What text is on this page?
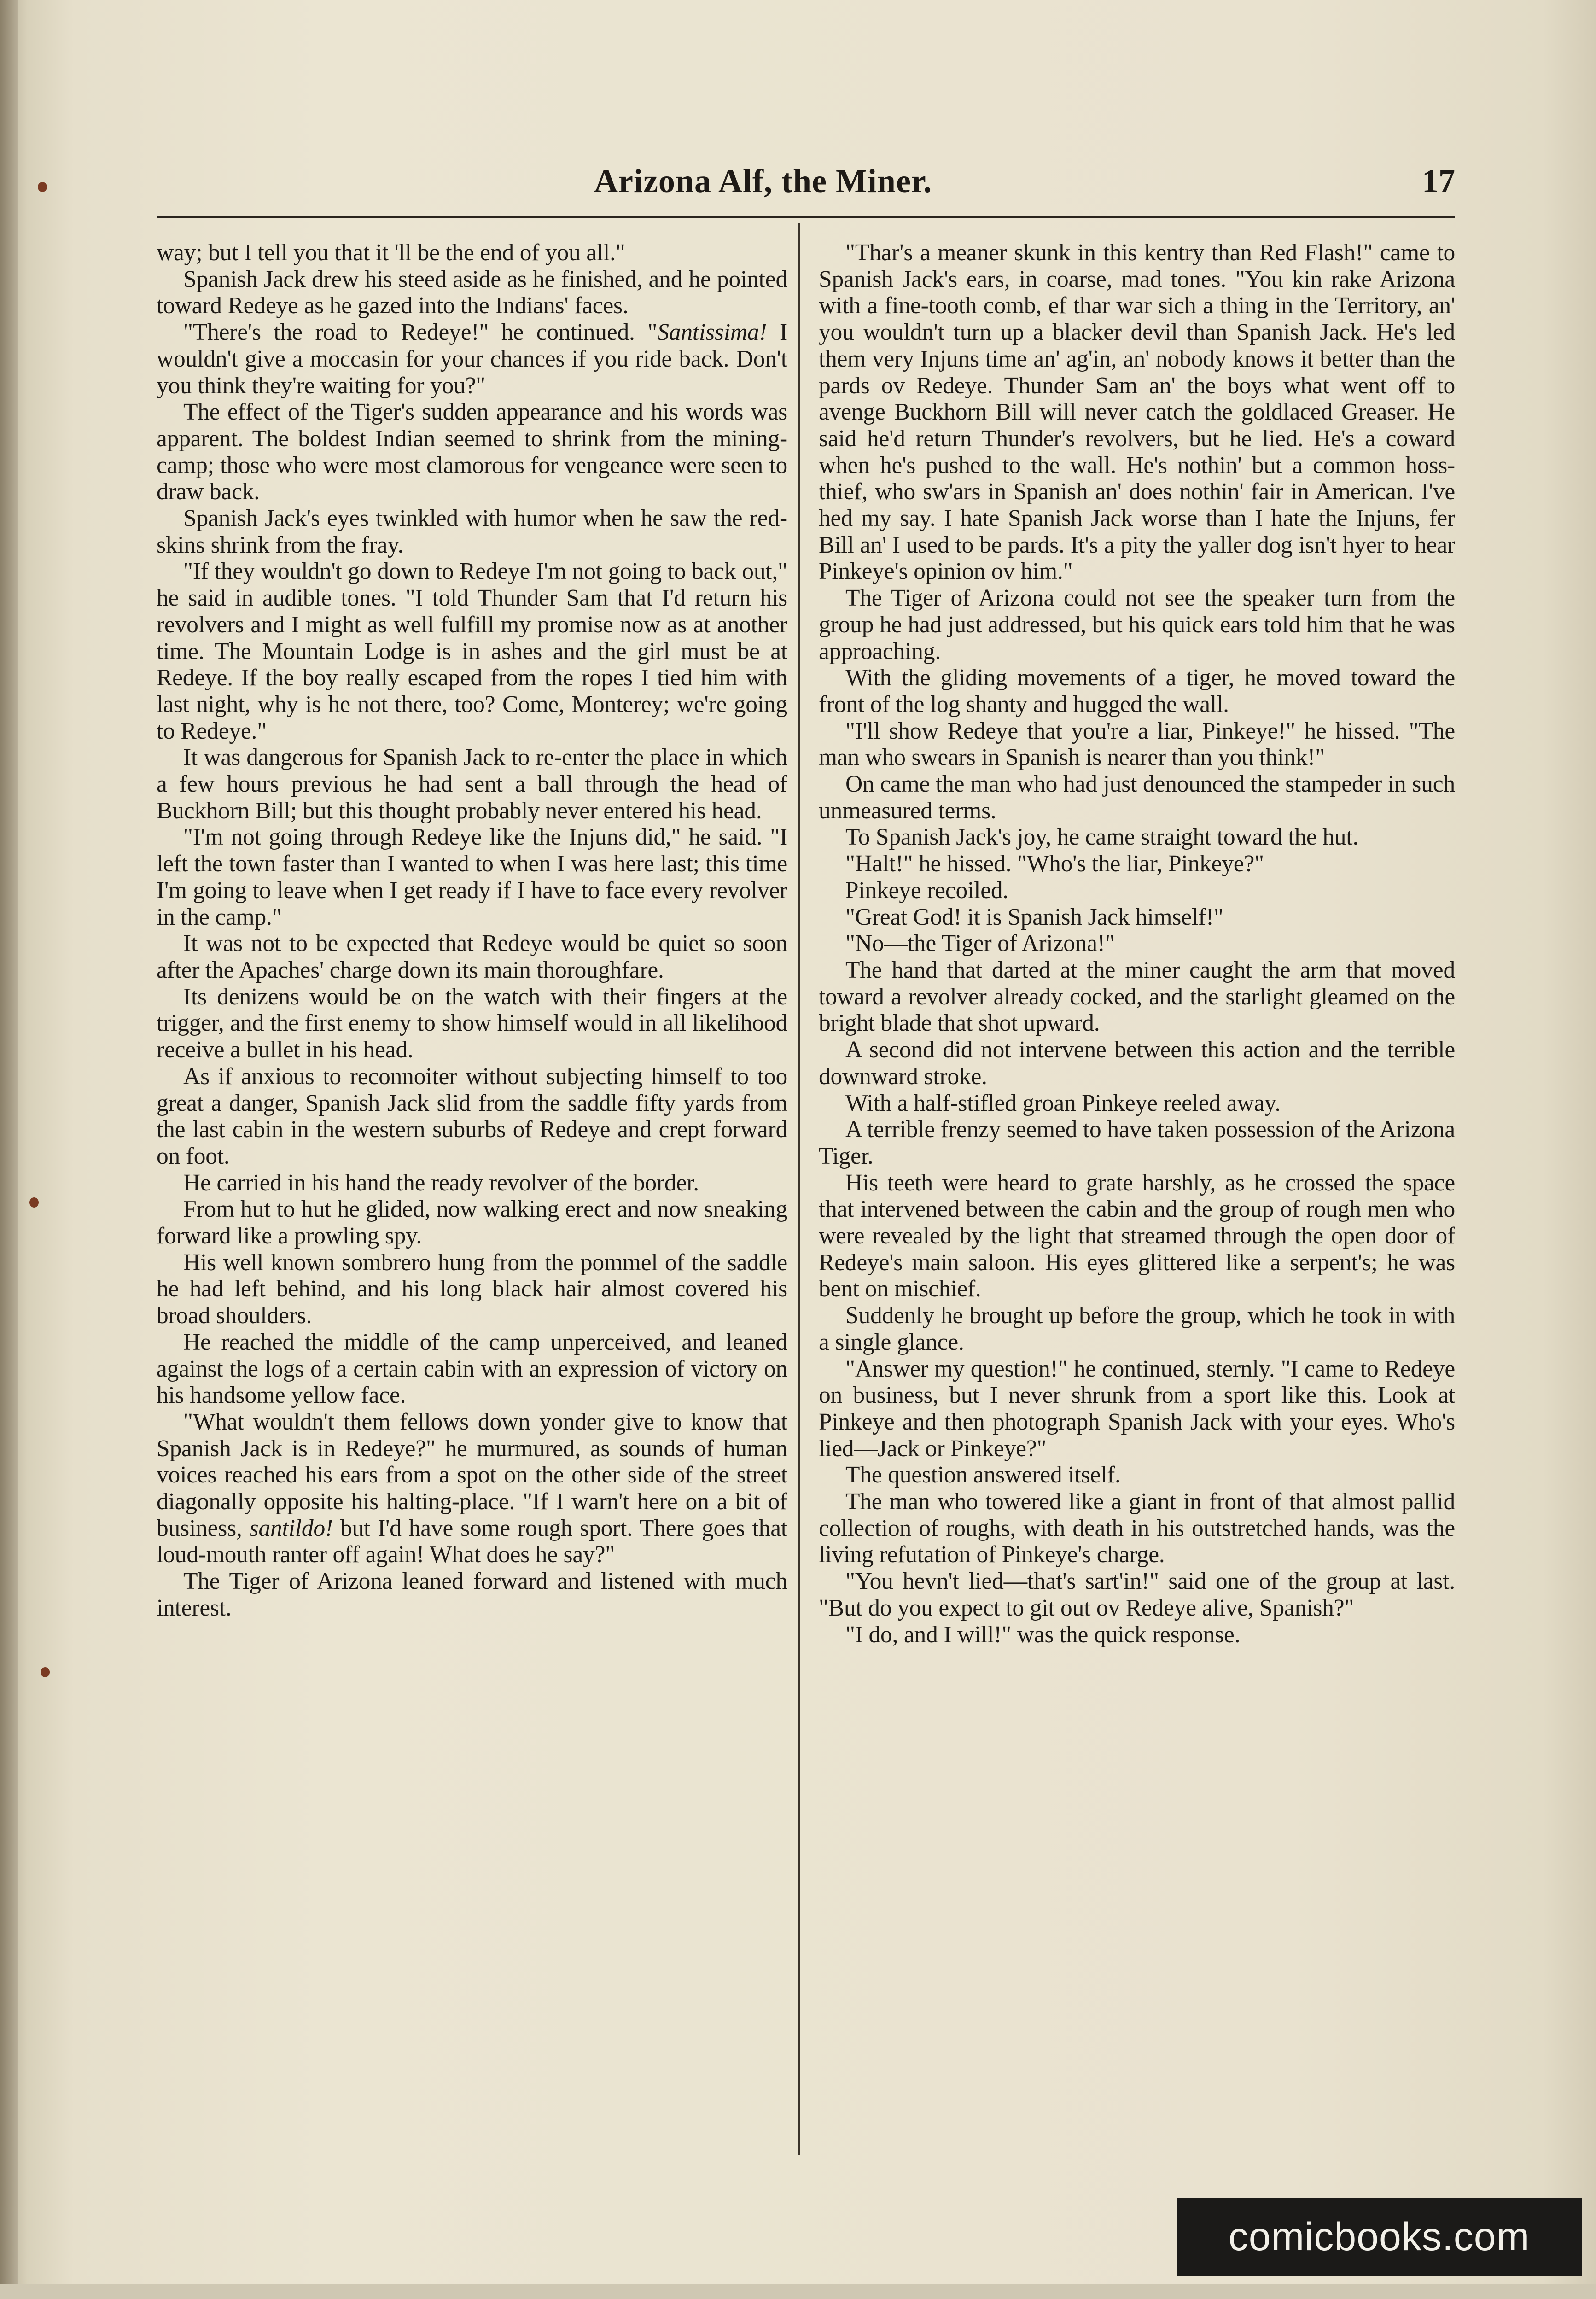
Arizona Alf, the Miner.	17

way; but I tell you that it 'll be the end of you all."

Spanish Jack drew his steed aside as he finished, and he pointed toward Redeye as he gazed into the Indians' faces.

"There's the road to Redeye!" he continued. "Santissima! I wouldn't give a moccasin for your chances if you ride back. Don't you think they're waiting for you?"

The effect of the Tiger's sudden appearance and his words was apparent. The boldest Indian seemed to shrink from the mining-camp; those who were most clamorous for vengeance were seen to draw back.

Spanish Jack's eyes twinkled with humor when he saw the red-skins shrink from the fray.

"If they wouldn't go down to Redeye I'm not going to back out," he said in audible tones. "I told Thunder Sam that I'd return his revolvers and I might as well fulfill my promise now as at another time. The Mountain Lodge is in ashes and the girl must be at Redeye. If the boy really escaped from the ropes I tied him with last night, why is he not there, too? Come, Monterey; we're going to Redeye."

It was dangerous for Spanish Jack to re-enter the place in which a few hours previous he had sent a ball through the head of Buckhorn Bill; but this thought probably never entered his head.

"I'm not going through Redeye like the Injuns did," he said. "I left the town faster than I wanted to when I was here last; this time I'm going to leave when I get ready if I have to face every revolver in the camp."

It was not to be expected that Redeye would be quiet so soon after the Apaches' charge down its main thoroughfare.

Its denizens would be on the watch with their fingers at the trigger, and the first enemy to show himself would in all likelihood receive a bullet in his head.

As if anxious to reconnoiter without subjecting himself to too great a danger, Spanish Jack slid from the saddle fifty yards from the last cabin in the western suburbs of Redeye and crept forward on foot.

He carried in his hand the ready revolver of the border.

From hut to hut he glided, now walking erect and now sneaking forward like a prowling spy.

His well known sombrero hung from the pommel of the saddle he had left behind, and his long black hair almost covered his broad shoulders.

He reached the middle of the camp unperceived, and leaned against the logs of a certain cabin with an expression of victory on his handsome yellow face.

"What wouldn't them fellows down yonder give to know that Spanish Jack is in Redeye?" he murmured, as sounds of human voices reached his ears from a spot on the other side of the street diagonally opposite his halting-place. "If I warn't here on a bit of business, santildo! but I'd have some rough sport. There goes that loud-mouth ranter off again! What does he say?"

The Tiger of Arizona leaned forward and listened with much interest.

"Thar's a meaner skunk in this kentry than Red Flash!" came to Spanish Jack's ears, in coarse, mad tones. "You kin rake Arizona with a fine-tooth comb, ef thar war sich a thing in the Territory, an' you wouldn't turn up a blacker devil than Spanish Jack. He's led them very Injuns time an' ag'in, an' nobody knows it better than the pards ov Redeye. Thunder Sam an' the boys what went off to avenge Buckhorn Bill will never catch the goldlaced Greaser. He said he'd return Thunder's revolvers, but he lied. He's a coward when he's pushed to the wall. He's nothin' but a common hoss-thief, who sw'ars in Spanish an' does nothin' fair in American. I've hed my say. I hate Spanish Jack worse than I hate the Injuns, fer Bill an' I used to be pards. It's a pity the yaller dog isn't hyer to hear Pinkeye's opinion ov him."

The Tiger of Arizona could not see the speaker turn from the group he had just addressed, but his quick ears told him that he was approaching.

With the gliding movements of a tiger, he moved toward the front of the log shanty and hugged the wall.

"I'll show Redeye that you're a liar, Pinkeye!" he hissed. "The man who swears in Spanish is nearer than you think!"

On came the man who had just denounced the stampeder in such unmeasured terms.

To Spanish Jack's joy, he came straight toward the hut.

"Halt!" he hissed. "Who's the liar, Pinkeye?"

Pinkeye recoiled.

"Great God! it is Spanish Jack himself!"

"No—the Tiger of Arizona!"

The hand that darted at the miner caught the arm that moved toward a revolver already cocked, and the starlight gleamed on the bright blade that shot upward.

A second did not intervene between this action and the terrible downward stroke.

With a half-stifled groan Pinkeye reeled away.

A terrible frenzy seemed to have taken possession of the Arizona Tiger.

His teeth were heard to grate harshly, as he crossed the space that intervened between the cabin and the group of rough men who were revealed by the light that streamed through the open door of Redeye's main saloon. His eyes glittered like a serpent's; he was bent on mischief.

Suddenly he brought up before the group, which he took in with a single glance.

"Answer my question!" he continued, sternly. "I came to Redeye on business, but I never shrunk from a sport like this. Look at Pinkeye and then photograph Spanish Jack with your eyes. Who's lied—Jack or Pinkeye?"

The question answered itself.

The man who towered like a giant in front of that almost pallid collection of roughs, with death in his outstretched hands, was the living refutation of Pinkeye's charge.

"You hevn't lied—that's sart'in!" said one of the group at last. "But do you expect to git out ov Redeye alive, Spanish?"

"I do, and I will!" was the quick response.

comicbooks.com
